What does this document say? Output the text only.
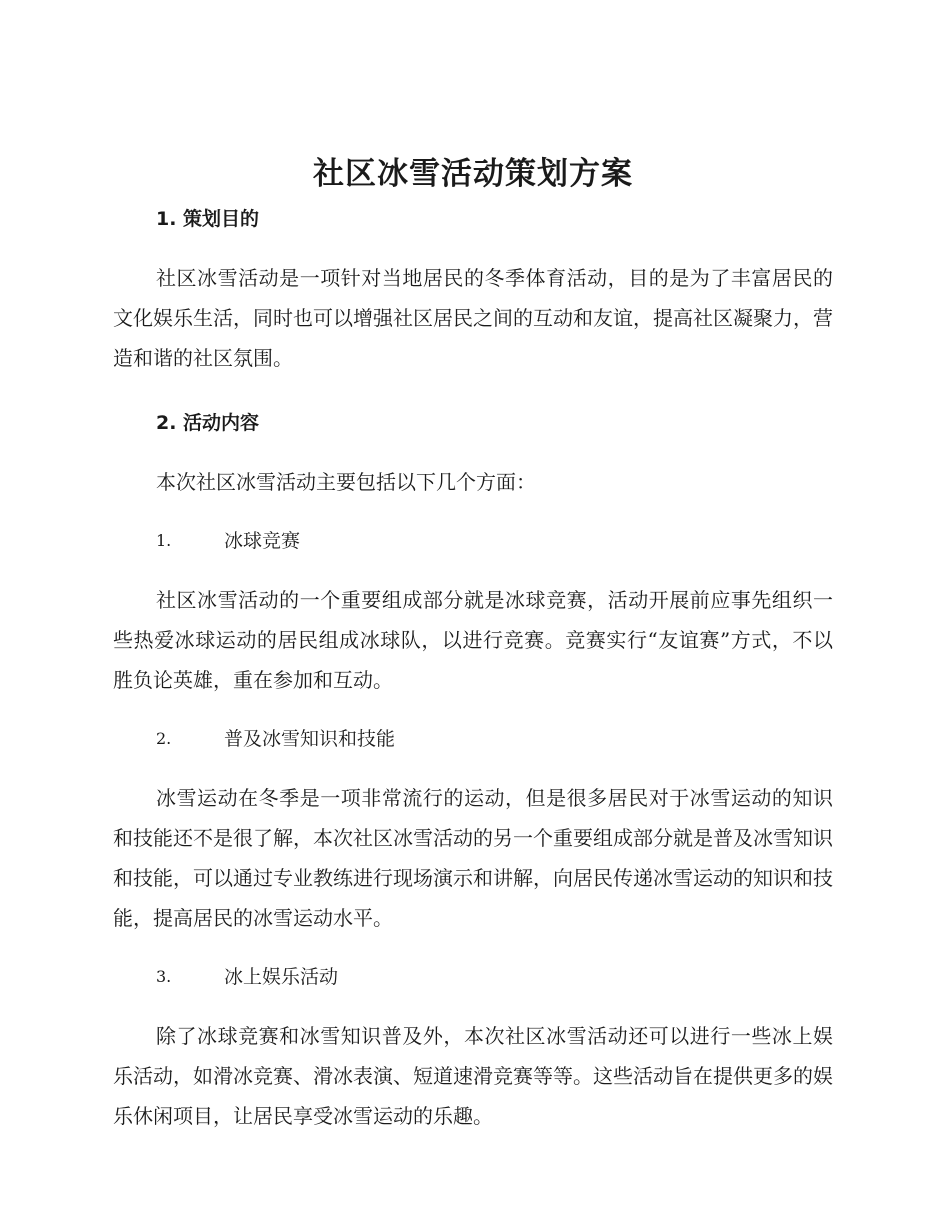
社区冰雪活动策划方案

1. 策划目的

社区冰雪活动是一项针对当地居民的冬季体育活动，目的是为了丰富居民的文化娱乐生活，同时也可以增强社区居民之间的互动和友谊，提高社区凝聚力，营造和谐的社区氛围。

2. 活动内容

本次社区冰雪活动主要包括以下几个方面：

1.	冰球竞赛

社区冰雪活动的一个重要组成部分就是冰球竞赛，活动开展前应事先组织一些热爱冰球运动的居民组成冰球队，以进行竞赛。竞赛实行“友谊赛”方式，不以胜负论英雄，重在参加和互动。

2.	普及冰雪知识和技能

冰雪运动在冬季是一项非常流行的运动，但是很多居民对于冰雪运动的知识和技能还不是很了解，本次社区冰雪活动的另一个重要组成部分就是普及冰雪知识和技能，可以通过专业教练进行现场演示和讲解，向居民传递冰雪运动的知识和技能，提高居民的冰雪运动水平。

3.	冰上娱乐活动

除了冰球竞赛和冰雪知识普及外，本次社区冰雪活动还可以进行一些冰上娱乐活动，如滑冰竞赛、滑冰表演、短道速滑竞赛等等。这些活动旨在提供更多的娱乐休闲项目，让居民享受冰雪运动的乐趣。
